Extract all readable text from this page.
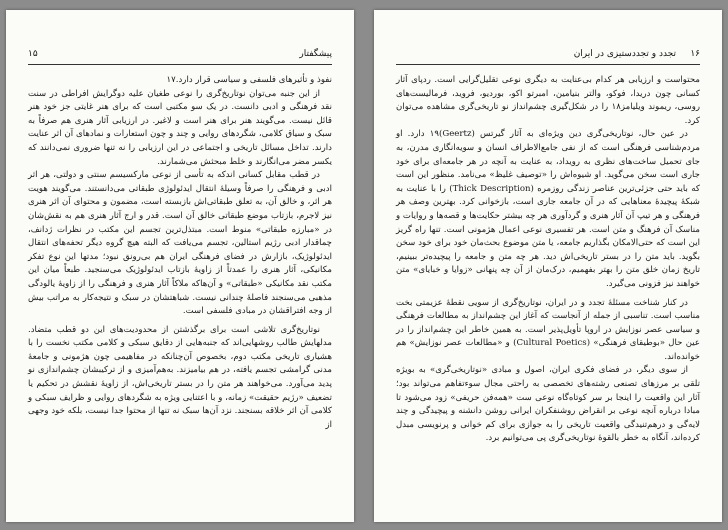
پیشگفتار
۱۵

نفوذ و تأثیرهای فلسفی و سیاسی قرار دارد.۱۷

از این جنبه می‌توان نوتاریخ‌گری را نوعی طغیان علیه دوگرایش افراطی در سنت نقد فرهنگی و ادبی دانست. در یک سو مکتبی است که برای هنر غایتی جز خود هنر قائل نیست. می‌گویند هنر برای هنر است و لاغیر. در ارزیابی آثار هنری هم صرفاً به سبک و سیاق کلامی، شگردهای روایی و چند و چون استعارات و نمادهای آن اثر عنایت دارند. تداخل مسائل تاریخی و اجتماعی در این ارزیابی را نه تنها ضروری نمی‌دانند که یکسر مضر می‌انگارند و خلط مبحثش می‌شمارند.

در قطب مقابل کسانی اندکه به تأسی از نوعی مارکسیسم سنتی و دولتی، هر اثر ادبی و فرهنگی را صرفاً وسیلهٔ انتقال ایدئولوژی طبقاتی می‌دانستند. می‌گویند هویت هر اثر، و خالق آن، به تعلق طبقاتی‌اش بازبسته است، مضمون و محتوای آن اثر هنری نیز لاجرم، بازتاب موضع طبقاتی خالق آن است. قدر و ارج آثار هنری هم به نقش‌شان در «مبارزه طبقاتی» منوط است. مبتذل‌ترین تجسم این مکتب در نظرات ژدانف، چماقدار ادبی رژیم استالین، تجسم می‌یافت که البته هیچ گروه دیگر تحفه‌های انتقال ایدئولوژیک، بازارش در فضای فرهنگی ایران هم بی‌رونق نبود؛ مدتها این نوع تفکر مکانیکی، آثار هنری را عمدتاً از زاویهٔ بازتاب ایدئولوژیک می‌سنجید. طبعاً میان این مکتب نقد مکانیکی «طبقاتی» و آن‌هاکه ملاکاً آثار هنری و فرهنگی را از زاویهٔ یالودگی مذهبی می‌سنجند فاصلهٔ چندانی نیست. شباهتشان در سبک و نتیجه‌کار به مراتب بیش از وجه افتراقشان در مبادی فلسفی است.

نوتاریخ‌گری تلاشی است برای برگذشتن از محدودیت‌های این دو قطب متضاد. مدلهایش طالب روشهایی‌اند که جنبه‌هایی از دقایق سبکی و کلامی مکتب نخست را با هشیاری تاریخی مکتب دوم، بخصوص آن‌چنانکه در مفاهیمی چون هژمونی و جامعهٔ مدنی گرامشی تجسم یافته، در هم بیامیزند. به‌هم‌آمیزی و از ترکیبشان چشم‌اندازی نو پدید می‌آورد. می‌خواهند هر متن را در بستر تاریخی‌اش، از زاویهٔ نقشش در تحکیم یا تضعیف «رژیم حقیقت» زمانه، و با اعتنایی ویژه به شگردهای روایی و ظرایف سبکی و کلامی آن اثر خلاقه بسنجند. نزد آن‌ها سبک نه تنها از محتوا جدا نیست، بلکه خود وجهی از

۱۶
تجدد و تجددستیزی در ایران

محتواست و ارزیابی هر کدام بی‌عنایت به دیگری نوعی تقلیل‌گرایی است. ردپای آثار کسانی چون دریدا، فوکو، والتر بنیامین، امبرتو اکو، بوردیو، فروید، فرمالیست‌های روسی، ریموند ویلیامز۱۸ را در شکل‌گیری چشم‌انداز نو تاریخی‌گری مشاهده می‌توان کرد.

در عین حال، نوتاریخی‌گری دین ویژه‌ای به آثار گیرتس (Geertz)۱۹ دارد. او مردم‌شناسی فرهنگی است که از نفی جامع‌الاطراف انسان و سویه‌انگاری مدرن، به جای تحمیل ساخت‌های نظری به رویداد، به عنایت به آنچه در هر جامعه‌ای برای خود جاری است سخن می‌گوید. او شیوه‌اش را «توصیف غلیظ» می‌نامد. منظور این است که باید حتی جزئی‌ترین عناصر زندگی روزمره (Thick Description) را با عنایت به شبکهٔ پیچیدهٔ معناهایی که در آن جامعه جاری است، بازخوانی کرد. بهترین وصف هر فرهنگی و هر تیپ آن آثار هنری و گردآوری هر چه بیشتر حکایت‌ها و قصه‌ها و روایات و مناسک آن فرهنگ و متن است. هر تفسیری نوعی اعمال هژمونی است. تنها راه گریز این است که حتی‌الامکان بگذاریم جامعه، یا متن موضوع بحث‌مان خود برای خود سخن بگوید. باید متن را در بستر تاریخی‌اش دید. هر چه متن و جامعه را پیچیده‌تر ببینیم، تاریخ زمان خلق متن را بهتر بفهمیم، درک‌مان از آن چه پنهانی «زوایا و خبایای» متن خواهند نیز فزونی می‌گیرد.

در کنار شناخت مسئلهٔ تجدد و در ایران، نوتاریخ‌گری از سویی نقطهٔ عزیمتی بخت مناسب است. تناسبی از جمله از آنجاست که آغاز این چشم‌انداز به مطالعات فرهنگی و سیاسی عصر نوزایش در اروپا تأویل‌پذیر است. به همین خاطر این چشم‌انداز را در عین حال «بوطیقای فرهنگی» (Cultural Poetics) و «مطالعات عصر نوزایش» هم خوانده‌اند.

از سوی دیگر، در فضای فکری ایران، اصول و مبادی «نوتاریخی‌گری» به بویژه تلقی بر مرزهای تصنعی رشته‌های تخصصی به راحتی مجال سوءتفاهم می‌تواند بود؛ آثار این واقعیت را اینجا بر سر کوتاه‌گاه نوعی ست «همه‌فن حریفی» زود می‌شود تا مبادا درباره آنچه نوعی بر انقراض روشنفکران ایرانی روشن دانشنه و پیچیدگی و چند لایه‌گی و درهم‌تنیدگی واقعیت تاریخی را به جوازی برای کم خوانی و پرنویسی مبدل کرده‌اند، آنگاه به خطر بالقوهٔ نوتاریخی‌گری پی می‌توانیم برد.
